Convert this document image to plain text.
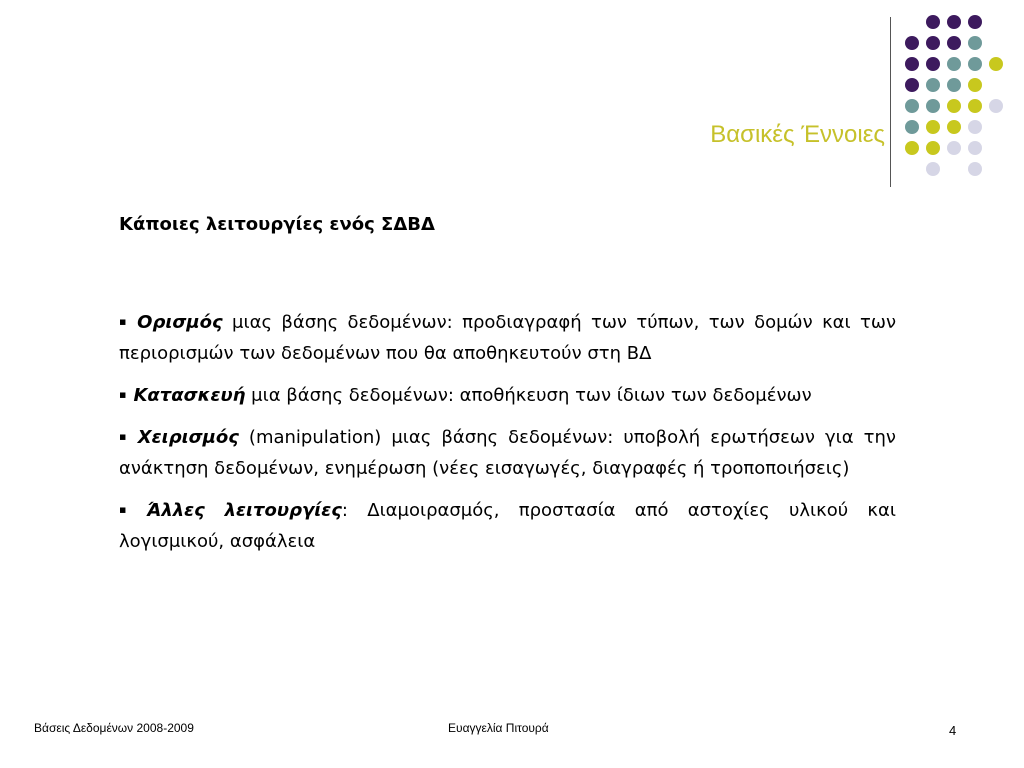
Βασικές Έννοιες
Κάποιες λειτουργίες ενός ΣΔΒΔ

▪ Ορισμός μιας βάσης δεδομένων: προδιαγραφή των τύπων, των δομών και των περιορισμών των δεδομένων που θα αποθηκευτούν στη ΒΔ

▪ Κατασκευή μια βάσης δεδομένων: αποθήκευση των ίδιων των δεδομένων

▪ Χειρισμός (manipulation) μιας βάσης δεδομένων: υποβολή ερωτήσεων για την ανάκτηση δεδομένων, ενημέρωση (νέες εισαγωγές, διαγραφές ή τροποποιήσεις)

▪ Άλλες λειτουργίες: Διαμοιρασμός, προστασία από αστοχίες υλικού και λογισμικού, ασφάλεια

Βάσεις Δεδομένων 2008-2009	Ευαγγελία Πιτουρά	4
